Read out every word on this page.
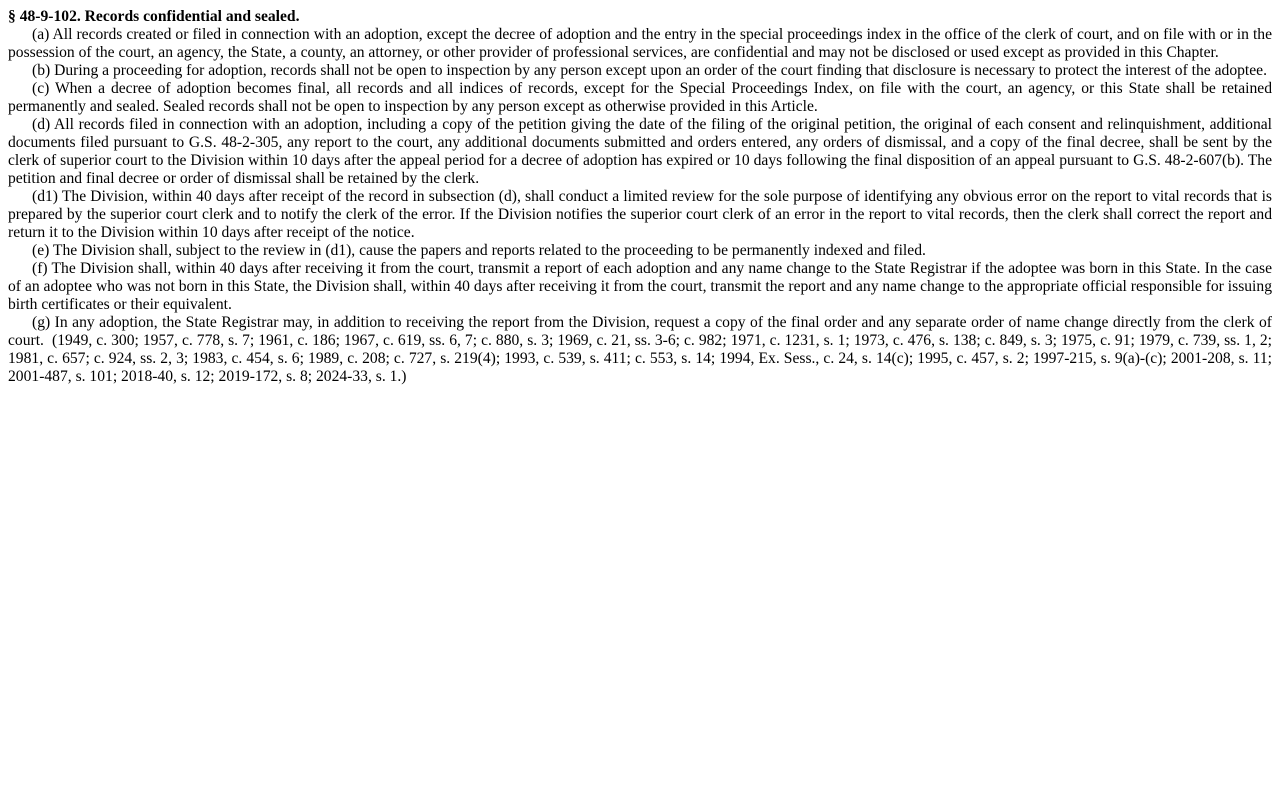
§ 48-9-102. Records confidential and sealed.

(a) All records created or filed in connection with an adoption, except the decree of adoption and the entry in the special proceedings index in the office of the clerk of court, and on file with or in the possession of the court, an agency, the State, a county, an attorney, or other provider of professional services, are confidential and may not be disclosed or used except as provided in this Chapter.

(b) During a proceeding for adoption, records shall not be open to inspection by any person except upon an order of the court finding that disclosure is necessary to protect the interest of the adoptee.

(c) When a decree of adoption becomes final, all records and all indices of records, except for the Special Proceedings Index, on file with the court, an agency, or this State shall be retained permanently and sealed. Sealed records shall not be open to inspection by any person except as otherwise provided in this Article.

(d) All records filed in connection with an adoption, including a copy of the petition giving the date of the filing of the original petition, the original of each consent and relinquishment, additional documents filed pursuant to G.S. 48-2-305, any report to the court, any additional documents submitted and orders entered, any orders of dismissal, and a copy of the final decree, shall be sent by the clerk of superior court to the Division within 10 days after the appeal period for a decree of adoption has expired or 10 days following the final disposition of an appeal pursuant to G.S. 48-2-607(b). The petition and final decree or order of dismissal shall be retained by the clerk.

(d1) The Division, within 40 days after receipt of the record in subsection (d), shall conduct a limited review for the sole purpose of identifying any obvious error on the report to vital records that is prepared by the superior court clerk and to notify the clerk of the error. If the Division notifies the superior court clerk of an error in the report to vital records, then the clerk shall correct the report and return it to the Division within 10 days after receipt of the notice.

(e) The Division shall, subject to the review in (d1), cause the papers and reports related to the proceeding to be permanently indexed and filed.

(f) The Division shall, within 40 days after receiving it from the court, transmit a report of each adoption and any name change to the State Registrar if the adoptee was born in this State. In the case of an adoptee who was not born in this State, the Division shall, within 40 days after receiving it from the court, transmit the report and any name change to the appropriate official responsible for issuing birth certificates or their equivalent.

(g) In any adoption, the State Registrar may, in addition to receiving the report from the Division, request a copy of the final order and any separate order of name change directly from the clerk of court. (1949, c. 300; 1957, c. 778, s. 7; 1961, c. 186; 1967, c. 619, ss. 6, 7; c. 880, s. 3; 1969, c. 21, ss. 3-6; c. 982; 1971, c. 1231, s. 1; 1973, c. 476, s. 138; c. 849, s. 3; 1975, c. 91; 1979, c. 739, ss. 1, 2; 1981, c. 657; c. 924, ss. 2, 3; 1983, c. 454, s. 6; 1989, c. 208; c. 727, s. 219(4); 1993, c. 539, s. 411; c. 553, s. 14; 1994, Ex. Sess., c. 24, s. 14(c); 1995, c. 457, s. 2; 1997-215, s. 9(a)-(c); 2001-208, s. 11; 2001-487, s. 101; 2018-40, s. 12; 2019-172, s. 8; 2024-33, s. 1.)
